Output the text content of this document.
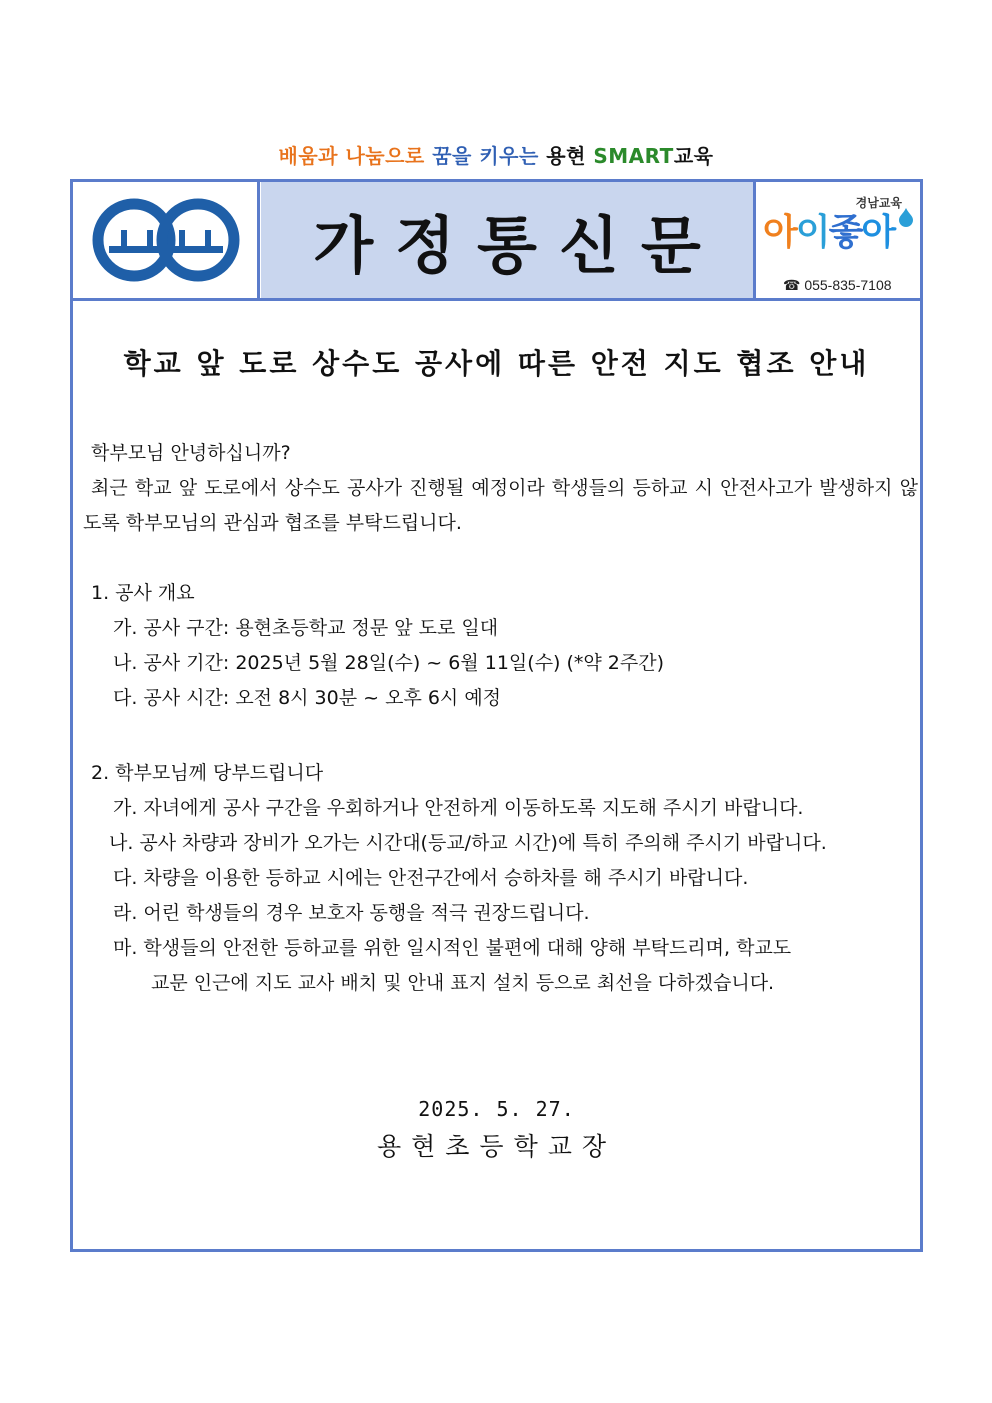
배움과 나눔으로 꿈을 키우는 용현 SMART교육
가정통신문
경남교육
아이좋아
☎ 055-835-7108
학교 앞 도로 상수도 공사에 따른 안전 지도 협조 안내

학부모님 안녕하십니까?

최근 학교 앞 도로에서 상수도 공사가 진행될 예정이라 학생들의 등하교 시 안전사고가 발생하지 않도록 학부모님의 관심과 협조를 부탁드립니다.

1. 공사 개요

가. 공사 구간: 용현초등학교 정문 앞 도로 일대

나. 공사 기간: 2025년 5월 28일(수) ~ 6월 11일(수) (*약 2주간)

다. 공사 시간: 오전 8시 30분 ~ 오후 6시 예정

2. 학부모님께 당부드립니다

가. 자녀에게 공사 구간을 우회하거나 안전하게 이동하도록 지도해 주시기 바랍니다.

나. 공사 차량과 장비가 오가는 시간대(등교/하교 시간)에 특히 주의해 주시기 바랍니다.

다. 차량을 이용한 등하교 시에는 안전구간에서 승하차를 해 주시기 바랍니다.

라. 어린 학생들의 경우 보호자 동행을 적극 권장드립니다.

마. 학생들의 안전한 등하교를 위한 일시적인 불편에 대해 양해 부탁드리며, 학교도

교문 인근에 지도 교사 배치 및 안내 표지 설치 등으로 최선을 다하겠습니다.

2025. 5. 27.
용현초등학교장
